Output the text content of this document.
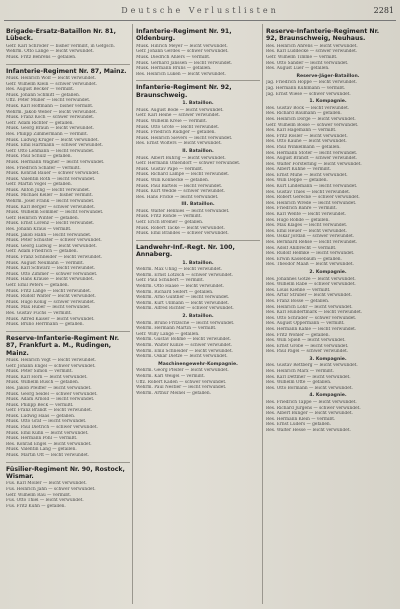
Deutsche Verlustlisten	2281
Brigade-Ersatz-Bataillon Nr. 81, Lübeck.
Gefr. Karl Schröder — bisher vermißt, in Gefgsch.
Wehrm. Otto Lange — leicht verwundet.
Musk. Fritz Behrens — gefallen.
Infanterie-Regiment Nr. 87, Mainz.
Musk. Heinrich Wolf — leicht verwundet.
Gefr. Wilhelm Klein — schwer verwundet.
Res. August Becker — vermißt.
Musk. Johann Schmitt — gefallen.
Uffz. Peter Müller — leicht verwundet.
Musk. Karl Hoffmann — bisher vermißt.
Wehrm. Jakob Weber — leicht verwundet.
Musk. Franz Koch — schwer verwundet.
Gefr. Adam Richter — gefallen.
Musk. Georg Braun — leicht verwundet.
Res. Philipp Zimmermann — vermißt.
Musk. Ludwig Krüger — leicht verwundet.
Musk. Emil Hartmann — schwer verwundet.
Gefr. Otto Lehmann — leicht verwundet.
Musk. Paul Schulz — gefallen.
Musk. Hermann Wagner — leicht verwundet.
Res. Friedrich Schäfer — vermißt.
Musk. Konrad Bauer — schwer verwundet.
Musk. Valentin Roth — leicht verwundet.
Gefr. Martin Vogel — gefallen.
Musk. Anton Jung — leicht verwundet.
Musk. Michael Keller — bisher vermißt.
Wehrm. Josef Frank — leicht verwundet.
Musk. Karl Berger — schwer verwundet.
Musk. Wilhelm Sommer — leicht verwundet.
Gefr. Heinrich Winter — gefallen.
Musk. Ernst Lorenz — leicht verwundet.
Res. Johann Kraus — vermißt.
Musk. Jakob Hahn — leicht verwundet.
Musk. Peter Schuster — schwer verwundet.
Musk. Georg Ludwig — leicht verwundet.
Gefr. Adam Friedrich — gefallen.
Musk. Franz Schneider — leicht verwundet.
Musk. August Neumann — vermißt.
Musk. Karl Schwarz — leicht verwundet.
Musk. Otto Zimmer — schwer verwundet.
Musk. Hans Krause — leicht verwundet.
Gefr. Emil Peters — gefallen.
Musk. Fritz Lange — leicht verwundet.
Musk. Rudolf Walter — leicht verwundet.
Musk. Hugo König — schwer verwundet.
Musk. Max Huber — leicht verwundet.
Res. Gustav Fuchs — vermißt.
Musk. Alfred Kaiser — leicht verwundet.
Musk. Bruno Herrmann — gefallen.
Reserve-Infanterie-Regiment Nr. 87, Frankfurt a. M., Rudingen, Mainz.
Musk. Heinrich Vogt — leicht verwundet.
Gefr. Johann Engel — schwer verwundet.
Musk. Peter Simon — vermißt.
Musk. Karl Horn — leicht verwundet.
Musk. Wilhelm Busch — gefallen.
Res. Jakob Pfeiffer — leicht verwundet.
Musk. Georg Seidel — schwer verwundet.
Musk. Adam Arnold — leicht verwundet.
Musk. Philipp Beck — vermißt.
Gefr. Franz Brandt — leicht verwundet.
Musk. Ludwig Haas — gefallen.
Musk. Otto Graf — leicht verwundet.
Musk. Paul Dietrich — schwer verwundet.
Musk. Emil Kuhn — leicht verwundet.
Musk. Hermann Pohl — vermißt.
Res. Konrad Engel — leicht verwundet.
Musk. Valentin Lang — gefallen.
Musk. Martin Ott — leicht verwundet.
Füsilier-Regiment Nr. 90, Rostock, Wismar.
Füs. Karl Möller — leicht verwundet.
Füs. Heinrich Jahn — schwer verwundet.
Gefr. Wilhelm Rau — vermißt.
Füs. Otto Thiel — leicht verwundet.
Füs. Fritz Kühn — gefallen.
Infanterie-Regiment Nr. 91, Oldenburg.
Musk. Hinrich Meyer — leicht verwundet.
Gefr. Johann Gerdes — schwer verwundet.
Musk. Diedrich Ahlers — vermißt.
Musk. Gerhard Janssen — leicht verwundet.
Musk. Hermann Bruns — gefallen.
Res. Heinrich Lüken — leicht verwundet.
Infanterie-Regiment Nr. 92, Braunschweig.
1. Bataillon.
Musk. August Bode — leicht verwundet.
Gefr. Karl Heine — schwer verwundet.
Musk. Wilhelm Kreie — vermißt.
Musk. Otto Grote — leicht verwundet.
Musk. Friedrich Rüdiger — gefallen.
Musk. Heinrich Sievers — leicht verwundet.
Res. Ernst Wolters — leicht verwundet.
II. Bataillon.
Musk. Albert Bührig — leicht verwundet.
Gefr. Hermann Ohlendorf — schwer verwundet.
Musk. Gustav Pape — vermißt.
Musk. Richard Lampe — leicht verwundet.
Musk. Willi Könnecke — gefallen.
Musk. Paul Bartels — leicht verwundet.
Musk. Kurt Wedde — schwer verwundet.
Res. Hans Fricke — leicht verwundet.
III. Bataillon.
Musk. Walter Hennies — leicht verwundet.
Musk. Fritz Rohde — vermißt.
Gefr. Erich Bremer — gefallen.
Musk. Robert Tacke — leicht verwundet.
Musk. Emil Brandes — schwer verwundet.
Landwehr-Inf.-Regt. Nr. 100, Annaberg.
1. Bataillon.
Wehrm. Max Uhlig — leicht verwundet.
Wehrm. Ernst Lötzsch — schwer verwundet.
Gefr. Paul Schubert — vermißt.
Wehrm. Otto Haase — leicht verwundet.
Wehrm. Richard Seifert — gefallen.
Wehrm. Arno Günther — leicht verwundet.
Wehrm. Kurt Ullmann — leicht verwundet.
Wehrm. Alfred Richter — schwer verwundet.
2. Bataillon.
Wehrm. Bruno Fritzsche — leicht verwundet.
Wehrm. Hermann Martin — vermißt.
Gefr. Willy Lange — gefallen.
Wehrm. Gustav Böhme — leicht verwundet.
Wehrm. Walter Kunze — schwer verwundet.
Wehrm. Emil Schneider — leicht verwundet.
Wehrm. Oskar Dietze — leicht verwundet.
Maschinengewehr-Kompagnie.
Wehrm. Georg Pfeifer — leicht verwundet.
Wehrm. Karl Weigel — vermißt.
Uffz. Robert Kaden — schwer verwundet.
Wehrm. Paul Nestler — leicht verwundet.
Wehrm. Arthur Meinel — gefallen.
Reserve-Infanterie-Regiment Nr. 92, Braunschweig, Neuhaus.
Res. Heinrich Ahrens — leicht verwundet.
Res. Karl Lüddecke — schwer verwundet.
Gefr. Wilhelm Timme — vermißt.
Res. Otto Sander — leicht verwundet.
Res. August Lüer — gefallen.
Reserve-Jäger-Bataillon.
Jäg. Friedrich Hoppe — leicht verwundet.
Jäg. Hermann Kuhlmann — vermißt.
Jäg. Ernst Wiese — schwer verwundet.
1. Kompagnie.
Res. Gustav Bock — leicht verwundet.
Res. Richard Baumann — gefallen.
Res. Heinrich Dörge — leicht verwundet.
Gefr. Wilhelm Bosse — schwer verwundet.
Res. Karl Hagemann — vermißt.
Res. Fritz Rösler — leicht verwundet.
Res. Otto Kaune — leicht verwundet.
Res. Paul Winkelmann — gefallen.
Res. Hermann Stöter — leicht verwundet.
Res. August Brandt — schwer verwundet.
Res. Walter Försterling — leicht verwundet.
Res. Albert Kühne — vermißt.
Res. Ernst Mühe — leicht verwundet.
Res. Willi Deppe — gefallen.
Res. Kurt Lindemann — leicht verwundet.
Res. Gustav Thies — leicht verwundet.
Res. Robert Gerecke — schwer verwundet.
Res. Heinrich Wrede — leicht verwundet.
Res. Friedrich Bähre — vermißt.
Res. Karl Wente — leicht verwundet.
Res. Hugo Rohde — gefallen.
Res. Max Klages — leicht verwundet.
Res. Emil Heuer — leicht verwundet.
Res. Oskar Jordan — schwer verwundet.
Res. Bernhard Rehse — leicht verwundet.
Res. Adolf Ahlbrecht — vermißt.
Res. Rudolf Helmke — leicht verwundet.
Res. Erwin Kassebaum — gefallen.
Res. Theodor Maaß — leicht verwundet.
2. Kompagnie.
Res. Johannes Götze — leicht verwundet.
Res. Wilhelm Rabe — schwer verwundet.
Res. Louis Kiehne — vermißt.
Res. Artur Strüber — leicht verwundet.
Res. Franz Bosse — gefallen.
Res. Heinrich Löhr — leicht verwundet.
Res. Karl Hundertmark — leicht verwundet.
Res. Otto Schrader — schwer verwundet.
Res. August Oppermann — vermißt.
Res. Hermann Kahle — leicht verwundet.
Res. Fritz Wöhler — gefallen.
Res. Willi Spieß — leicht verwundet.
Res. Ernst Grobe — leicht verwundet.
Res. Paul Pagel — schwer verwundet.
3. Kompagnie.
Res. Gustav Rettberg — leicht verwundet.
Res. Heinrich Marx — vermißt.
Res. Karl Dettmer — leicht verwundet.
Res. Wilhelm Otte — gefallen.
Res. Otto Bormann — leicht verwundet.
4. Kompagnie.
Res. Friedrich Tappe — leicht verwundet.
Res. Richard Jürgens — schwer verwundet.
Res. Albert Bünger — leicht verwundet.
Res. Hermann Klein — vermißt.
Res. Ernst Lüders — gefallen.
Res. Walter Hesse — leicht verwundet.
